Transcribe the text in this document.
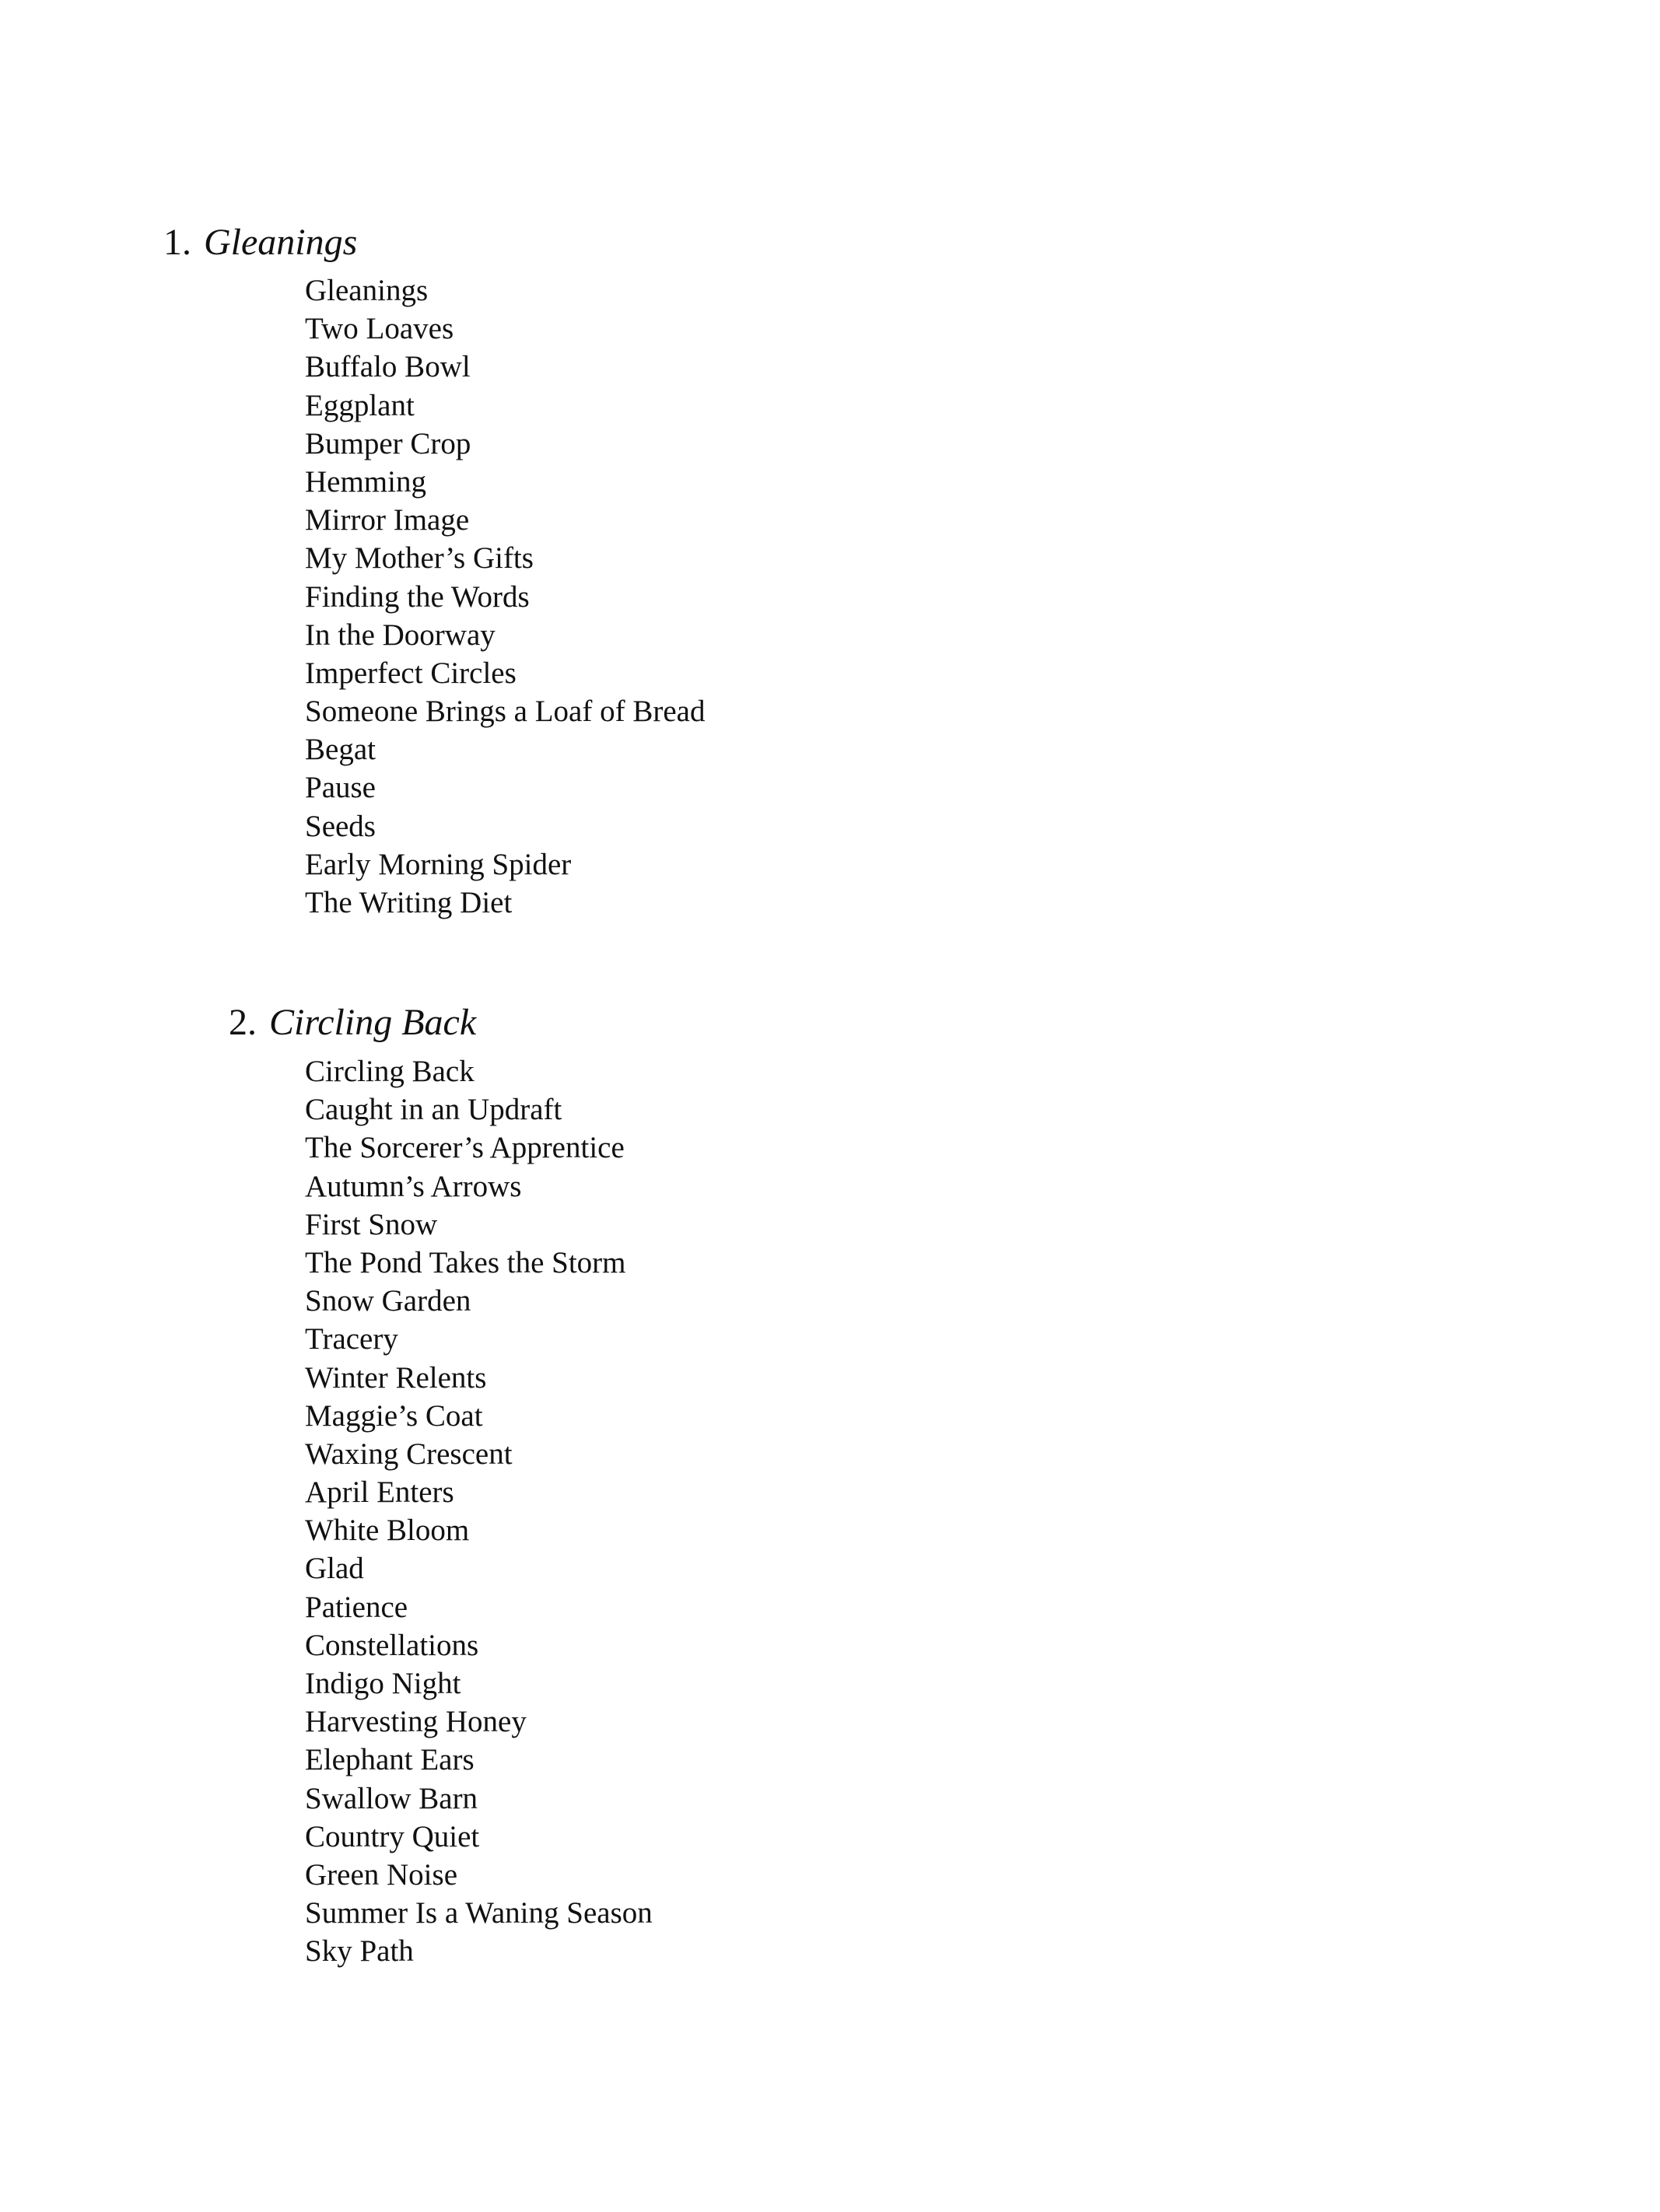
1. Gleanings
Gleanings
Two Loaves
Buffalo Bowl
Eggplant
Bumper Crop
Hemming
Mirror Image
My Mother’s Gifts
Finding the Words
In the Doorway
Imperfect Circles
Someone Brings a Loaf of Bread
Begat
Pause
Seeds
Early Morning Spider
The Writing Diet
2. Circling Back
Circling Back
Caught in an Updraft
The Sorcerer’s Apprentice
Autumn’s Arrows
First Snow
The Pond Takes the Storm
Snow Garden
Tracery
Winter Relents
Maggie’s Coat
Waxing Crescent
April Enters
White Bloom
Glad
Patience
Constellations
Indigo Night
Harvesting Honey
Elephant Ears
Swallow Barn
Country Quiet
Green Noise
Summer Is a Waning Season
Sky Path
